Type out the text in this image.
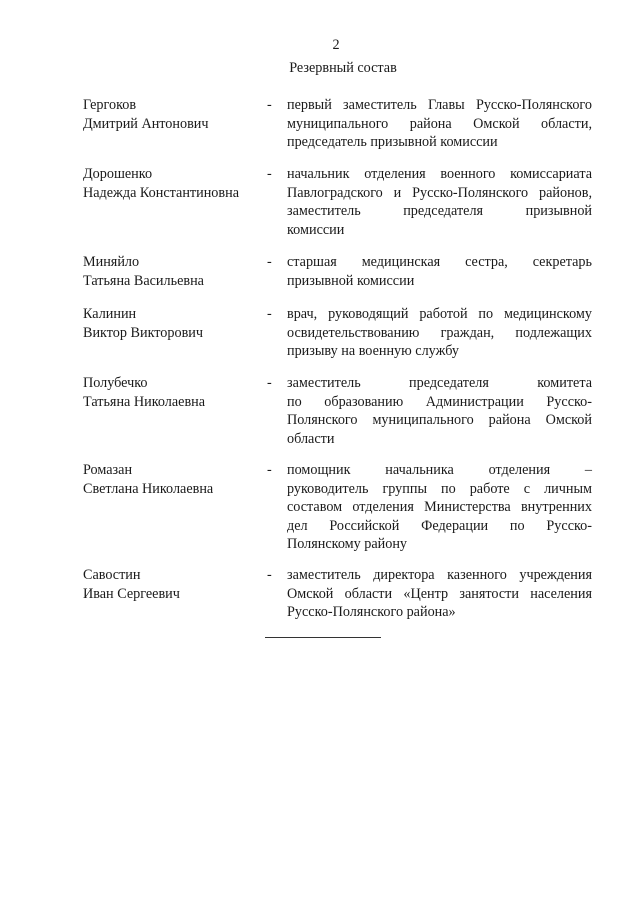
2
Резервный состав
Гергоков
Дмитрий Антонович
- первый заместитель Главы Русско-Полянского
муниципального района Омской области,
председатель призывной комиссии
Дорошенко
Надежда Константиновна
- начальник отделения военного комиссариата
Павлоградского и Русско-Полянского районов,
заместитель председателя призывной
комиссии
Миняйло
Татьяна Васильевна
- старшая медицинская сестра, секретарь
призывной комиссии
Калинин
Виктор Викторович
- врач, руководящий работой по медицинскому
освидетельствованию граждан, подлежащих
призыву на военную службу
Полубечко
Татьяна Николаевна
- заместитель председателя комитета
по образованию Администрации Русско-
Полянского муниципального района Омской
области
Ромазан
Светлана Николаевна
- помощник начальника отделения –
руководитель группы по работе с личным
составом отделения Министерства внутренних
дел Российской Федерации по Русско-
Полянскому району
Савостин
Иван Сергеевич
- заместитель директора казенного учреждения
Омской области «Центр занятости населения
Русско-Полянского района»
